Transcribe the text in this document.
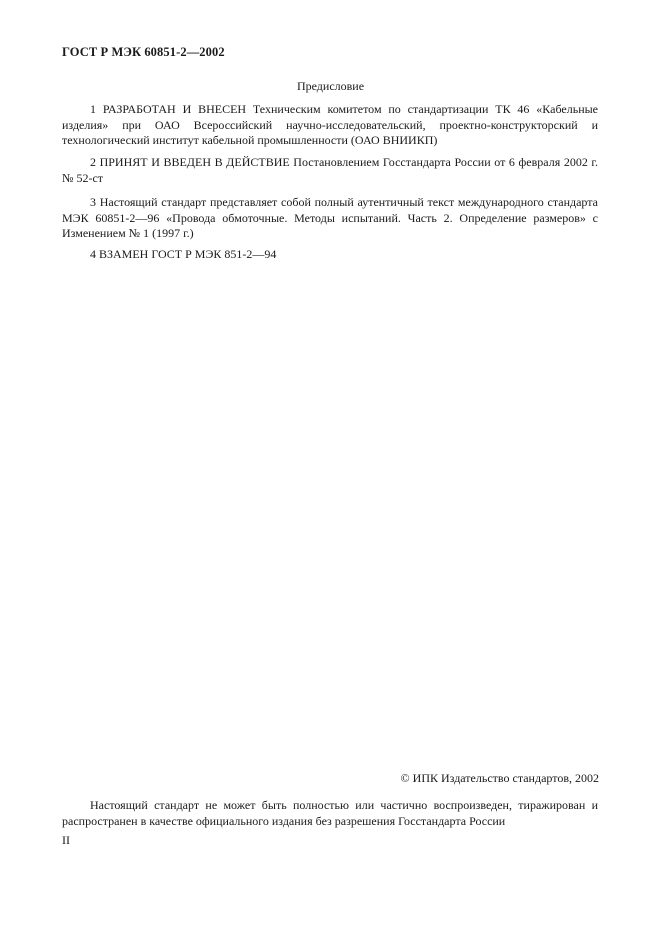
ГОСТ Р МЭК 60851-2—2002
Предисловие
1 РАЗРАБОТАН И ВНЕСЕН Техническим комитетом по стандартизации ТК 46 «Кабельные изделия» при ОАО Всероссийский научно-исследовательский, проектно-конструкторский и технологический институт кабельной промышленности (ОАО ВНИИКП)
2 ПРИНЯТ И ВВЕДЕН В ДЕЙСТВИЕ Постановлением Госстандарта России от 6 февраля 2002 г. № 52-ст
3 Настоящий стандарт представляет собой полный аутентичный текст международного стандарта МЭК 60851-2—96 «Провода обмоточные. Методы испытаний. Часть 2. Определение размеров» с Изменением № 1 (1997 г.)
4 ВЗАМЕН ГОСТ Р МЭК 851-2—94
© ИПК Издательство стандартов, 2002
Настоящий стандарт не может быть полностью или частично воспроизведен, тиражирован и распространен в качестве официального издания без разрешения Госстандарта России
II
